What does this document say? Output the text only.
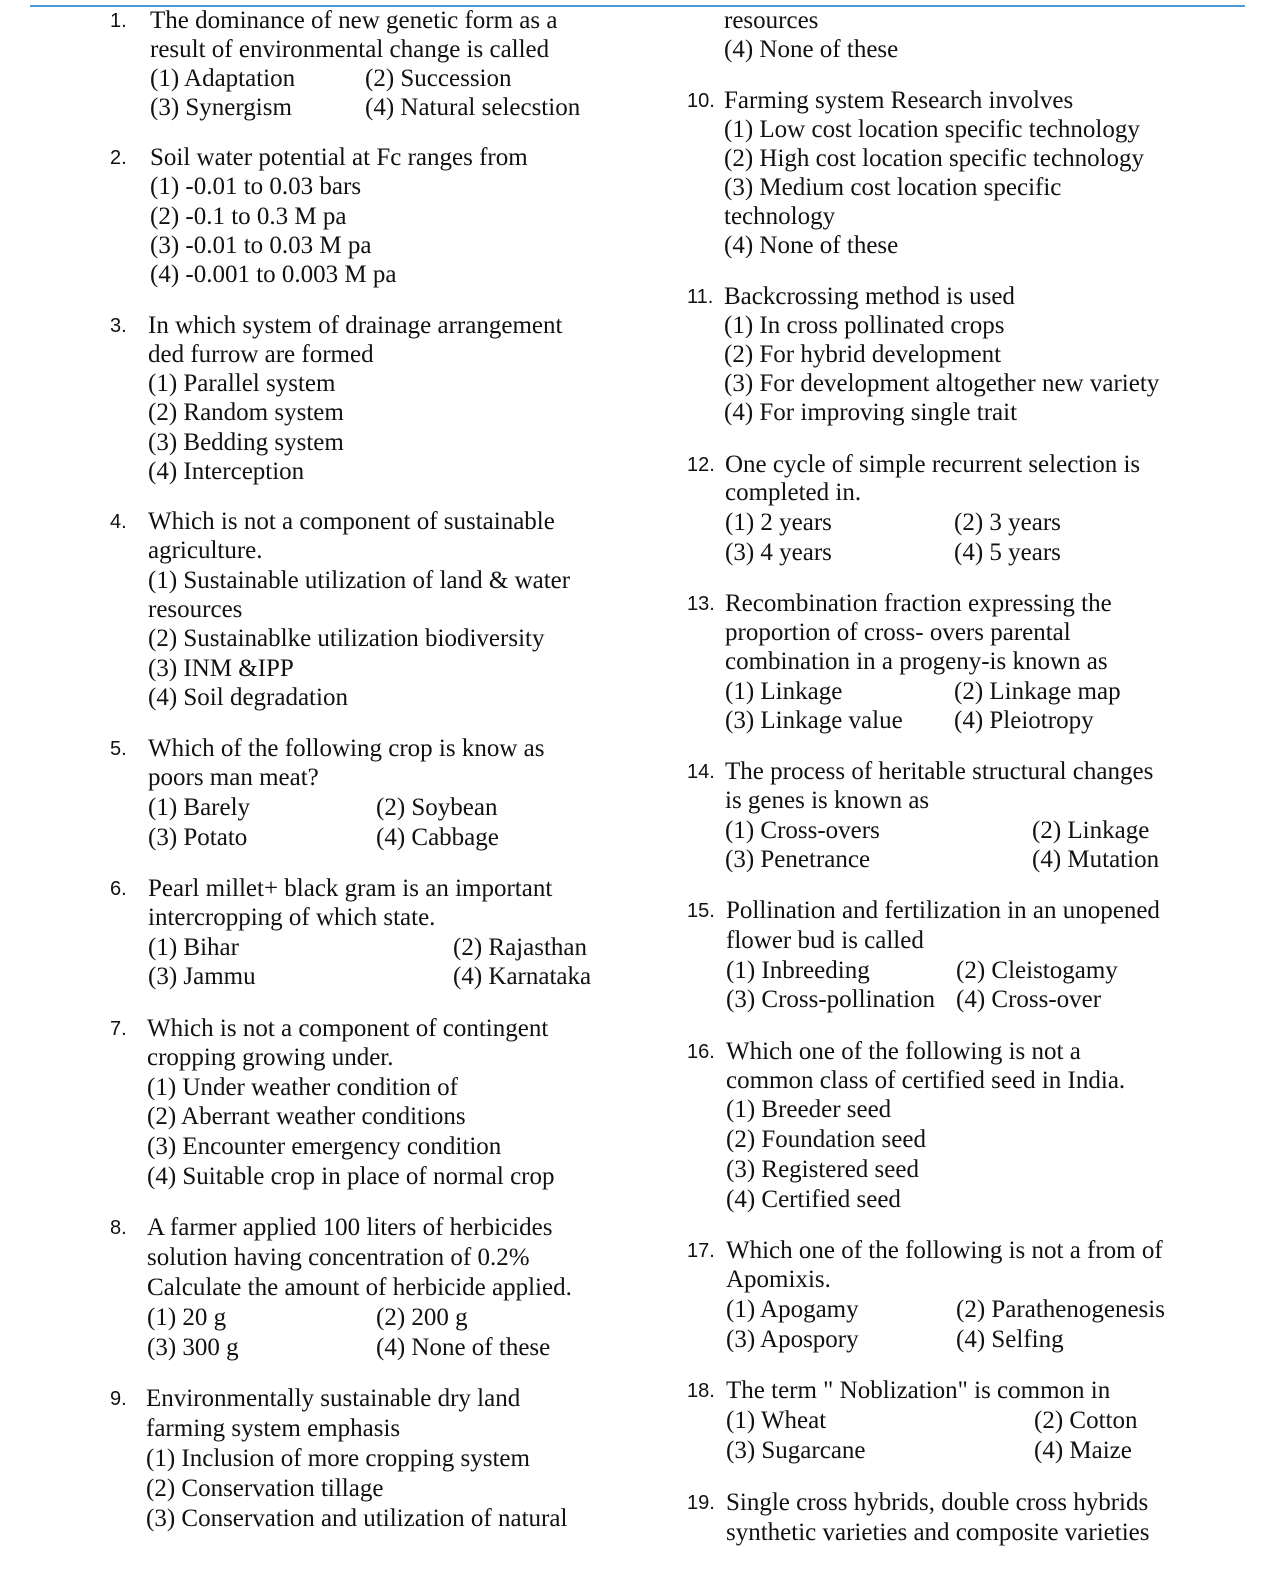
1. The dominance of new genetic form as a
result of environmental change is called
(1) Adaptation	(2) Succession
(3) Synergism	(4) Natural selecstion
2. Soil water potential at Fc ranges from
(1) -0.01 to 0.03 bars
(2) -0.1 to 0.3 M pa
(3) -0.01 to 0.03 M pa
(4) -0.001 to 0.003 M pa
3. In which system of drainage arrangement
ded furrow are formed
(1) Parallel system
(2) Random system
(3) Bedding system
(4) Interception
4. Which is not a component of sustainable
agriculture.
(1) Sustainable utilization of land & water
resources
(2) Sustainablke utilization biodiversity
(3) INM &IPP
(4) Soil degradation
5. Which of the following crop is know as
poors man meat?
(1) Barely	(2) Soybean
(3) Potato	(4) Cabbage
6. Pearl millet+ black gram is an important
intercropping of which state.
(1) Bihar	(2) Rajasthan
(3) Jammu	(4) Karnataka
7. Which is not a component of contingent
cropping growing under.
(1) Under weather condition of
(2) Aberrant weather conditions
(3) Encounter emergency condition
(4) Suitable crop in place of normal crop
8. A farmer applied 100 liters of herbicides
solution having concentration of 0.2%
Calculate the amount of herbicide applied.
(1) 20 g	(2) 200 g
(3) 300 g	(4) None of these
9. Environmentally sustainable dry land
farming system emphasis
(1) Inclusion of more cropping system
(2) Conservation tillage
(3) Conservation and utilization of natural
resources
(4) None of these
10. Farming system Research involves
(1) Low cost location specific technology
(2) High cost location specific technology
(3) Medium cost location specific
technology
(4) None of these
11. Backcrossing method is used
(1) In cross pollinated crops
(2) For hybrid development
(3) For development altogether new variety
(4) For improving single trait
12. One cycle of simple recurrent selection is
completed in.
(1) 2 years	(2) 3 years
(3) 4 years	(4) 5 years
13. Recombination fraction expressing the
proportion of cross- overs parental
combination in a progeny-is known as
(1) Linkage	(2) Linkage map
(3) Linkage value (4) Pleiotropy
14. The process of heritable structural changes
is genes is known as
(1) Cross-overs	(2) Linkage
(3) Penetrance	(4) Mutation
15. Pollination and fertilization in an unopened
flower bud is called
(1) Inbreeding	(2) Cleistogamy
(3) Cross-pollination (4) Cross-over
16. Which one of the following is not a
common class of certified seed in India.
(1) Breeder seed
(2) Foundation seed
(3) Registered seed
(4) Certified seed
17. Which one of the following is not a from of
Apomixis.
(1) Apogamy	(2) Parathenogenesis
(3) Apospory	(4) Selfing
18. The term " Noblization" is common in
(1) Wheat	(2) Cotton
(3) Sugarcane	(4) Maize
19. Single cross hybrids, double cross hybrids
synthetic varieties and composite varieties
